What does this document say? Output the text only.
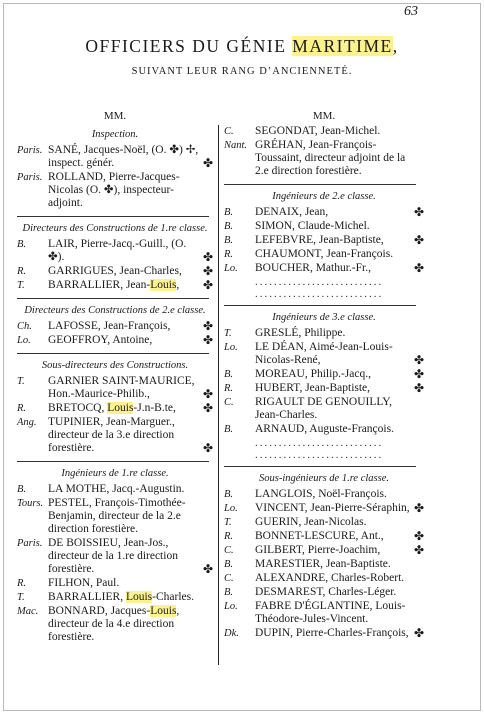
63
OFFICIERS DU GÉNIE MARITIME,
SUIVANT LEUR RANG D’ANCIENNETÉ.
MM.
Inspection.
Paris. SANÉ, Jacques-Noël, (O. ✤) ✢, inspect. génér.	✤
Paris. ROLLAND, Pierre-Jacques-Nicolas (O. ✤), inspecteur-adjoint.
Directeurs des Constructions de 1.re classe.
B.	LAIR, Pierre-Jacq.-Guill., (O. ✤).	✤
R.	GARRIGUES, Jean-Charles, ✤
T.	BARRALLIER, Jean-Louis, ✤
Directeurs des Constructions de 2.e classe.
Ch.	LAFOSSE, Jean-François,	✤
Lo.	GEOFFROY, Antoine,	✤
Sous-directeurs des Constructions.
T.	GARNIER SAINT-MAURICE, Hon.-Maurice-Philib.,	✤
R.	BRETOCQ, Louis-J.n-B.te, ✤
Ang. TUPINIER, Jean-Marguer., directeur de la 3.e direction forestière.	✤
Ingénieurs de 1.re classe.
B.	LA MOTHE, Jacq.-Augustin.
Tours. PESTEL, François-Timothée-Benjamin, directeur de la 2.e direction forestière.
Paris. DE BOISSIEU, Jean-Jos., directeur de la 1.re direction forestière.	✤
R.	FILHON, Paul.
T.	BARRALLIER, Louis-Charles.
Mac. BONNARD, Jacques-Louis, directeur de la 4.e direction forestière.
MM.
C.	SEGONDAT, Jean-Michel.
Nant. GRÉHAN, Jean-François-Toussaint, directeur adjoint de la 2.e direction forestière.
Ingénieurs de 2.e classe.
B.	DENAIX, Jean,	✤
B.	SIMON, Claude-Michel.
B.	LEFEBVRE, Jean-Baptiste,	✤
R.	CHAUMONT, Jean-François.
Lo.	BOUCHER, Mathur.-Fr.,	✤
...........................
...........................
Ingénieurs de 3.e classe.
T.	GRESLÉ, Philippe.
Lo.	LE DÉAN, Aimé-Jean-Louis-Nicolas-René,	✤
B.	MOREAU, Philip.-Jacq.,	✤
R.	HUBERT, Jean-Baptiste,	✤
C.	RIGAULT DE GENOUILLY, Jean-Charles.
B.	ARNAUD, Auguste-François.
...........................
...........................
Sous-ingénieurs de 1.re classe.
B.	LANGLOIS, Noël-François.
Lo.	VINCENT, Jean-Pierre-Séraphin, ✤
T.	GUERIN, Jean-Nicolas.
R.	BONNET-LESCURE, Ant.,	✤
C.	GILBERT, Pierre-Joachim,	✤
B.	MARESTIER, Jean-Baptiste.
C.	ALEXANDRE, Charles-Robert.
B.	DESMAREST, Charles-Léger.
Lo.	FABRE D'ÉGLANTINE, Louis-Théodore-Jules-Vincent.
Dk.	DUPIN, Pierre-Charles-François, ✤
